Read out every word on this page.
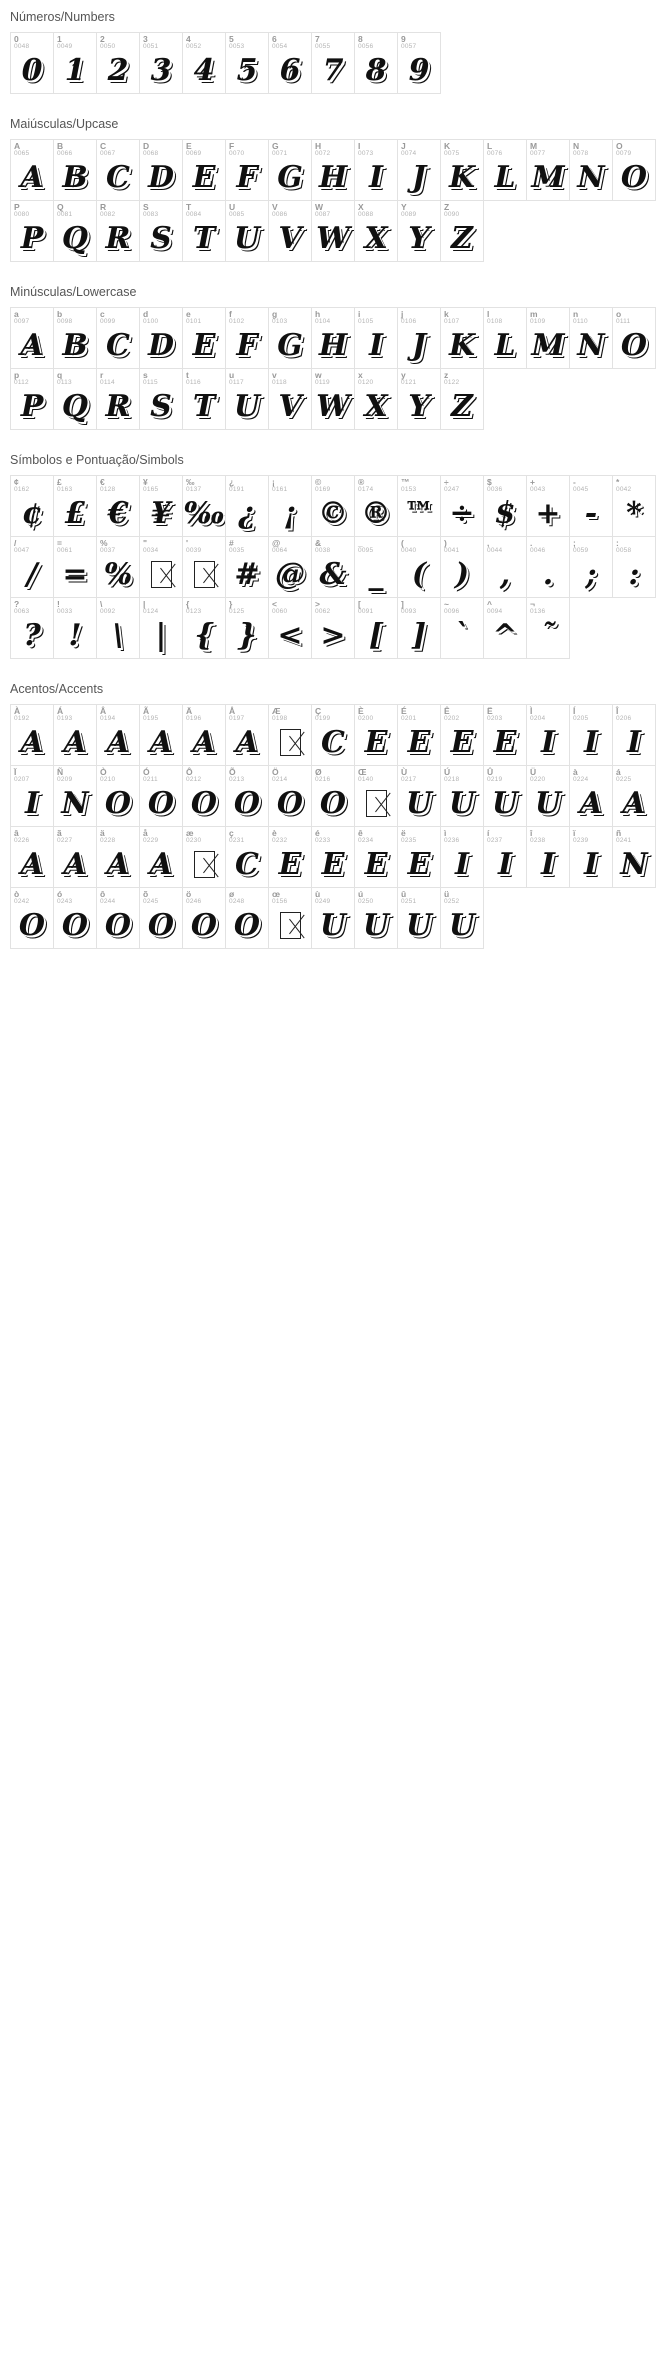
Números/Numbers
0
0048
0
1
0049
1
2
0050
2
3
0051
3
4
0052
4
5
0053
5
6
0054
6
7
0055
7
8
0056
8
9
0057
9
Maiúsculas/Upcase
A
0065
A
B
0066
B
C
0067
C
D
0068
D
E
0069
E
F
0070
F
G
0071
G
H
0072
H
I
0073
I
J
0074
J
K
0075
K
L
0076
L
M
0077
M
N
0078
N
O
0079
O
P
0080
P
Q
0081
Q
R
0082
R
S
0083
S
T
0084
T
U
0085
U
V
0086
V
W
0087
W
X
0088
X
Y
0089
Y
Z
0090
Z
Minúsculas/Lowercase
a
0097
A
b
0098
B
c
0099
C
d
0100
D
e
0101
E
f
0102
F
g
0103
G
h
0104
H
i
0105
I
j
0106
J
k
0107
K
l
0108
L
m
0109
M
n
0110
N
o
0111
O
p
0112
P
q
0113
Q
r
0114
R
s
0115
S
t
0116
T
u
0117
U
v
0118
V
w
0119
W
x
0120
X
y
0121
Y
z
0122
Z
Símbolos e Pontuação/Simbols
¢
0162
¢
£
0163
£
€
0128
€
¥
0165
¥
‰
0137
‰
¿
0191
¿
¡
0161
¡
©
0169
©
®
0174
®
™
0153
™
÷
0247
÷
$
0036
$
+
0043
+
-
0045
-
*
0042
*
/
0047
/
=
0061
=
%
0037
%
"
0034
'
0039
#
0035
#
@
0064
@
&
0038
&
_
0095
_
(
0040
(
)
0041
)
,
0044
,
.
0046
.
;
0059
;
:
0058
:
?
0063
?
!
0033
!
\
0092
\
|
0124
|
{
0123
{
}
0125
}
<
0060
<
>
0062
>
[
0091
[
]
0093
]
~
0096
`
^
0094
^
¬
0136
˜
Acentos/Accents
À
0192
A
Á
0193
A
Â
0194
A
Ã
0195
A
Ä
0196
A
Å
0197
A
Æ
0198
Ç
0199
C
È
0200
E
É
0201
E
Ê
0202
E
Ë
0203
E
Ì
0204
I
Í
0205
I
Î
0206
I
Ï
0207
I
Ñ
0209
N
Ò
0210
O
Ó
0211
O
Ô
0212
O
Õ
0213
O
Ö
0214
O
Ø
0216
O
Œ
0140
Ù
0217
U
Ú
0218
U
Û
0219
U
Ü
0220
U
à
0224
A
á
0225
A
â
0226
A
ã
0227
A
ä
0228
A
å
0229
A
æ
0230
ç
0231
C
è
0232
E
é
0233
E
ê
0234
E
ë
0235
E
ì
0236
I
í
0237
I
î
0238
I
ï
0239
I
ñ
0241
N
ò
0242
O
ó
0243
O
ô
0244
O
õ
0245
O
ö
0246
O
ø
0248
O
œ
0156
ù
0249
U
ú
0250
U
û
0251
U
ü
0252
U
